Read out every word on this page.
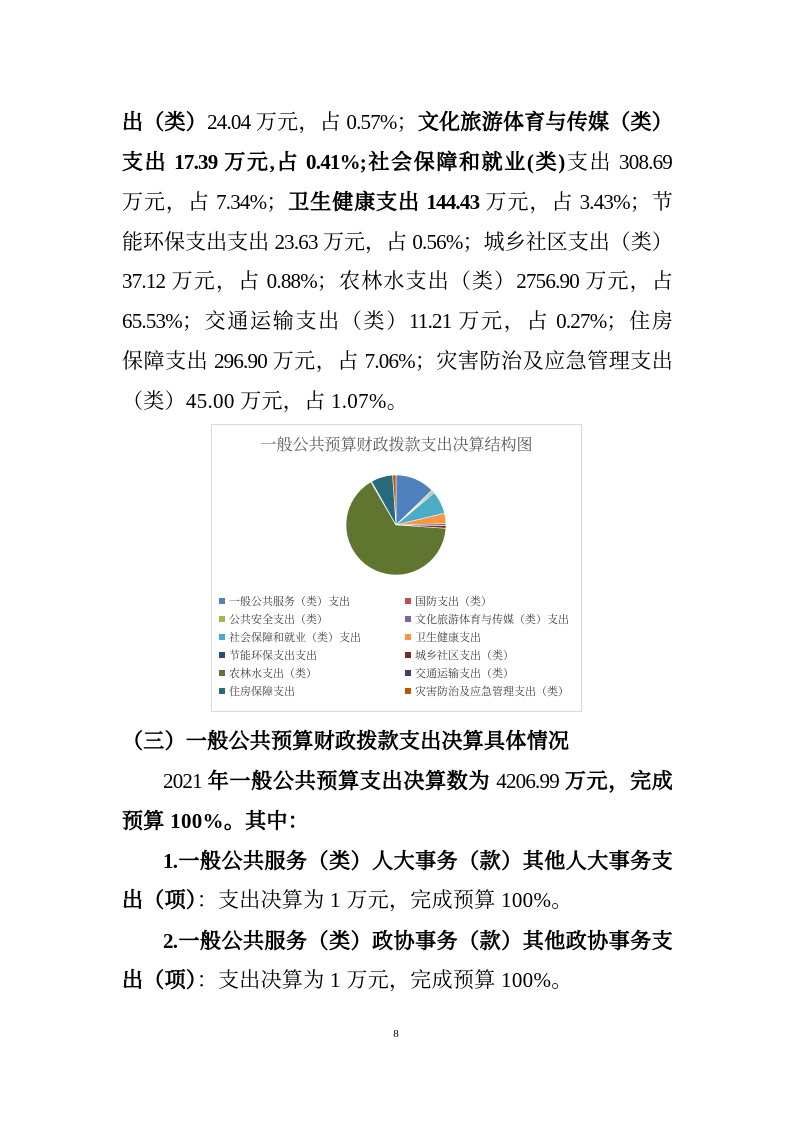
出（类）24.04 万元，占 0.57%；文化旅游体育与传媒（类）
支出 17.39 万元,占 0.41%;社会保障和就业(类)支出 308.69
万元，占 7.34%；卫生健康支出 144.43 万元，占 3.43%；节
能环保支出支出 23.63 万元，占 0.56%；城乡社区支出（类）
37.12 万元，占 0.88%；农林水支出（类）2756.90 万元，占
65.53%；交通运输支出（类）11.21 万元，占 0.27%；住房
保障支出 296.90 万元，占 7.06%；灾害防治及应急管理支出
（类）45.00 万元，占 1.07%。
一般公共预算财政拨款支出决算结构图
一般公共服务（类）支出	国防支出（类）
公共安全支出（类）	文化旅游体育与传媒（类）支出
社会保障和就业（类）支出	卫生健康支出
节能环保支出支出	城乡社区支出（类）
农林水支出（类）	交通运输支出（类）
住房保障支出	灾害防治及应急管理支出（类）
（三）一般公共预算财政拨款支出决算具体情况
2021 年一般公共预算支出决算数为 4206.99 万元，完成
预算 100%。其中：
1.一般公共服务（类）人大事务（款）其他人大事务支
出（项）：支出决算为 1 万元，完成预算 100%。
2.一般公共服务（类）政协事务（款）其他政协事务支
出（项）：支出决算为 1 万元，完成预算 100%。
8
